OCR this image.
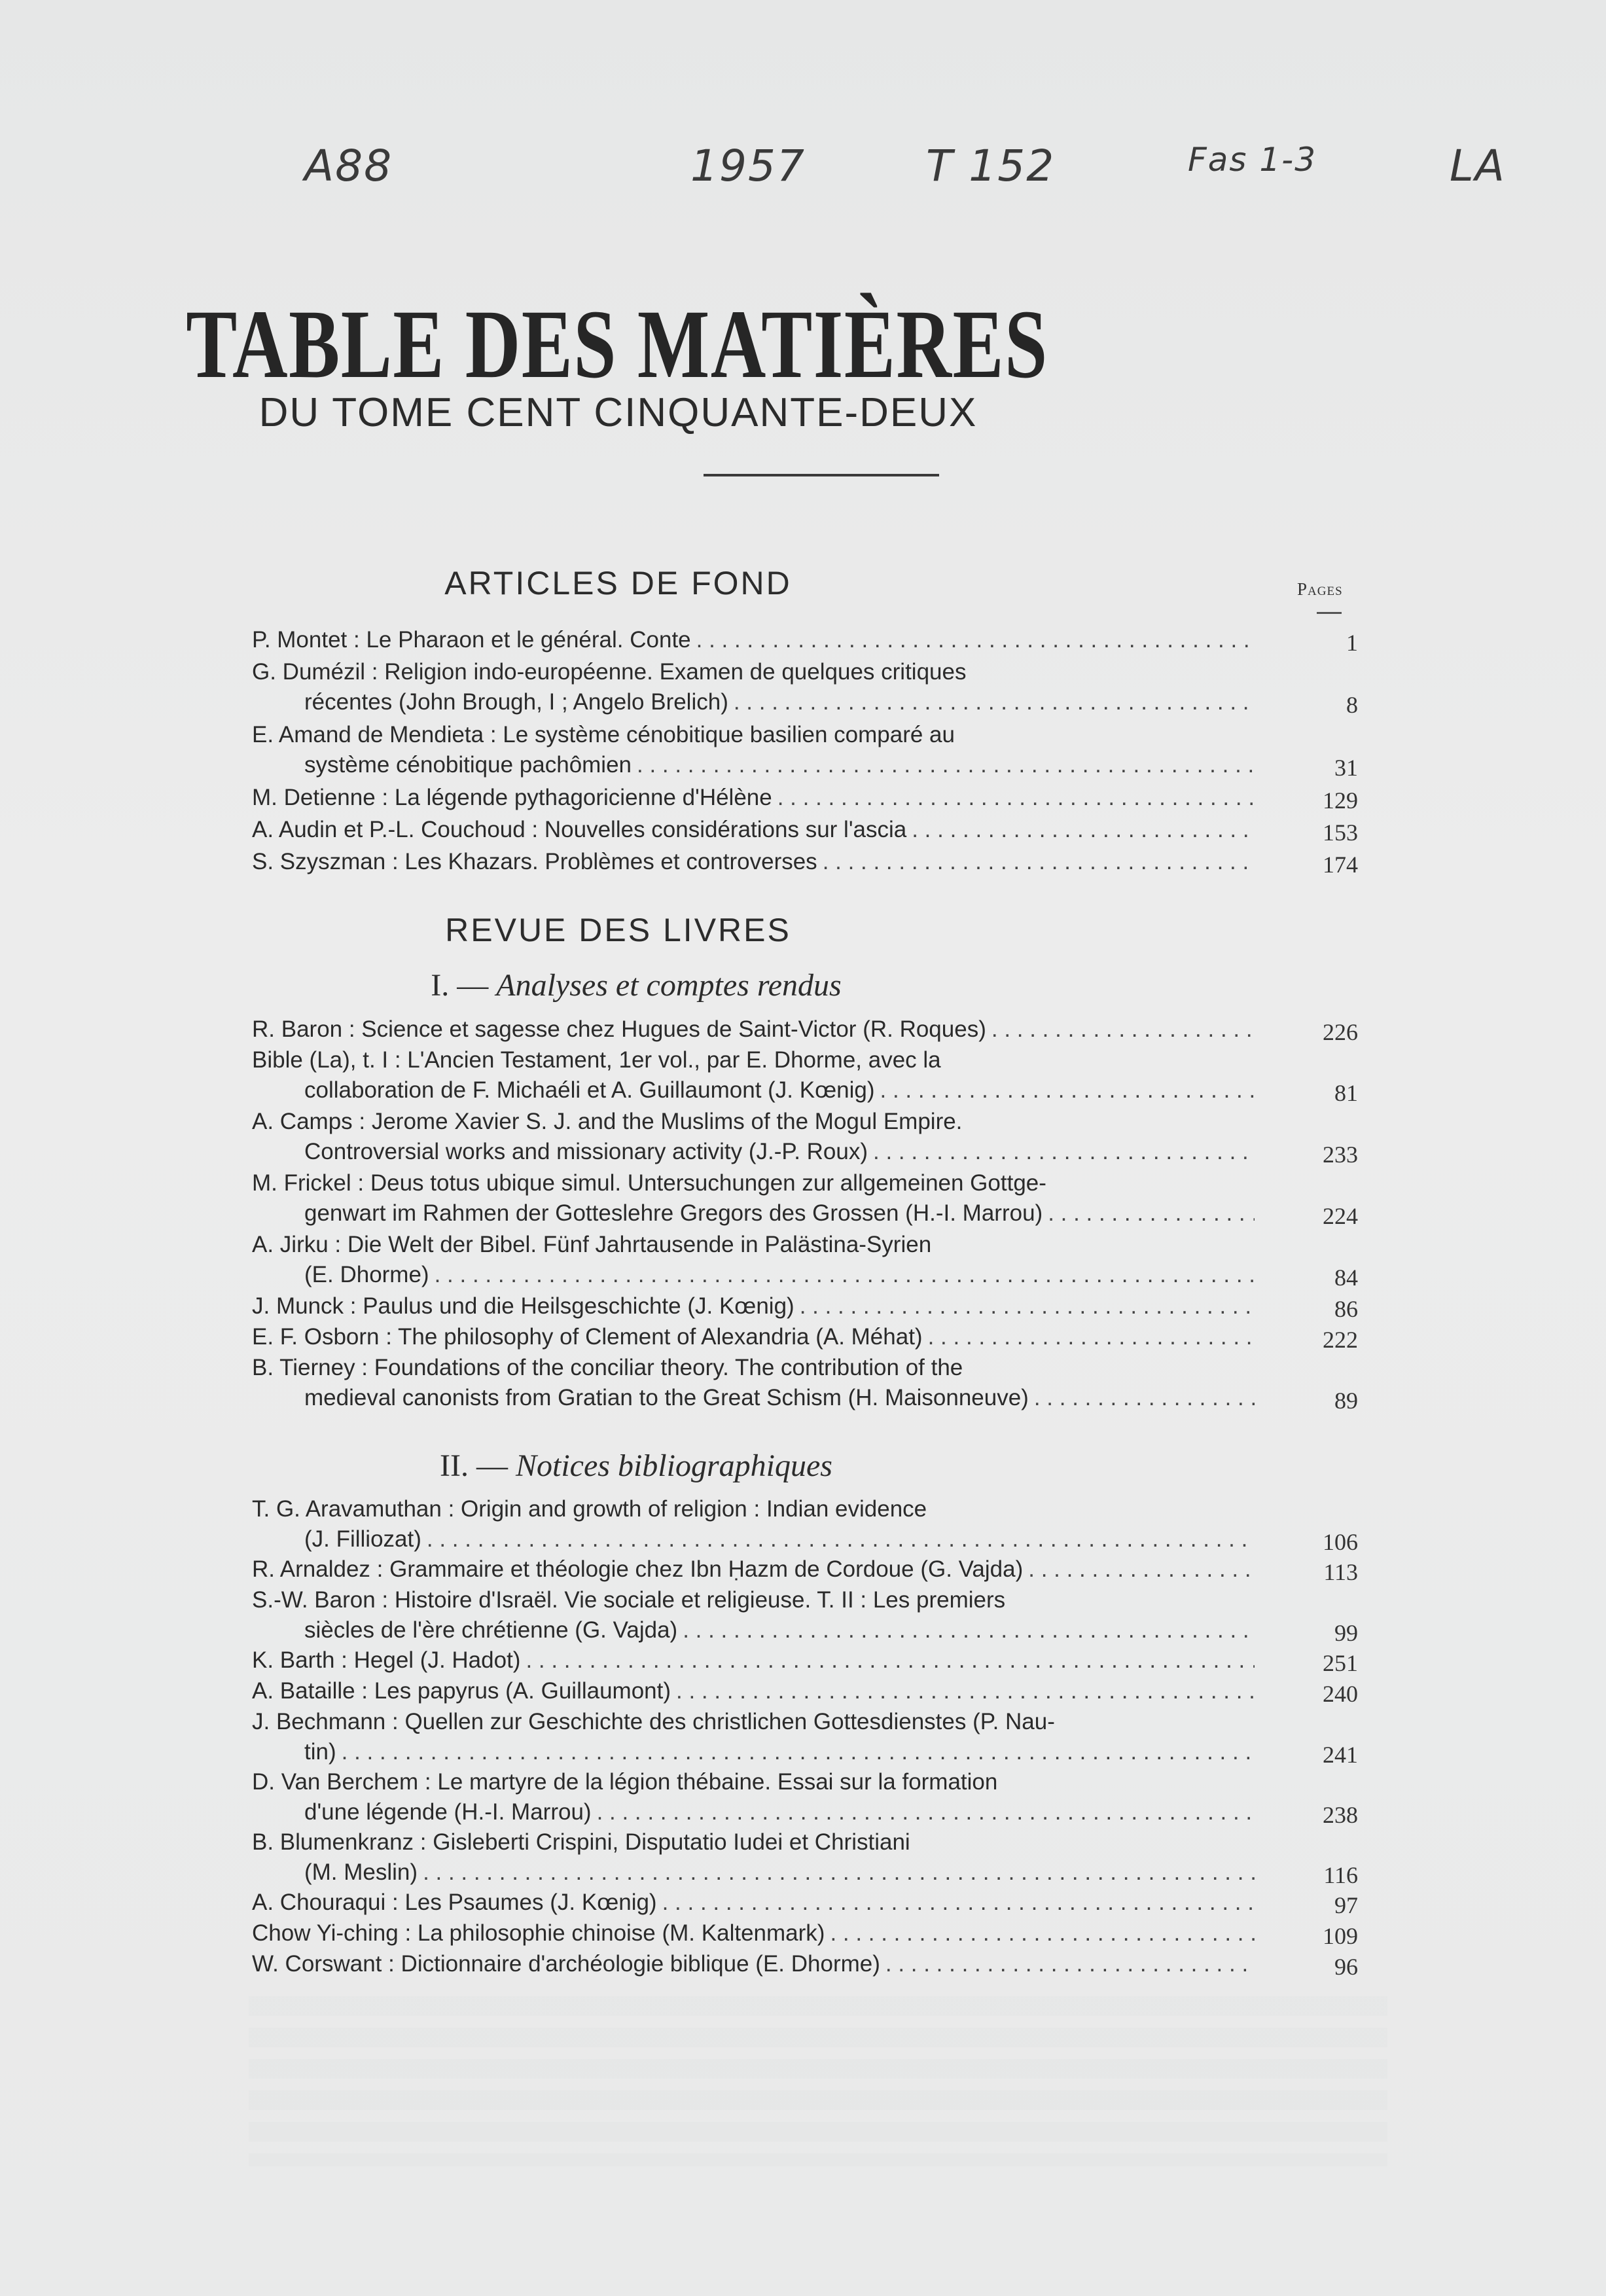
A88	1957	T 152	Fas 1-3	LA
TABLE DES MATIÈRES
DU TOME CENT CINQUANTE-DEUX
ARTICLES DE FOND	Pages
P. Montet : Le Pharaon et le général. Conte . . .	1
G. Dumézil : Religion indo-européenne. Examen de quelques critiques
récentes (John Brough, I ; Angelo Brelich) . . .	8
E. Amand de Mendieta : Le système cénobitique basilien comparé au
système cénobitique pachômien . . .	31
M. Detienne : La légende pythagoricienne d'Hélène . . .	129
A. Audin et P.-L. Couchoud : Nouvelles considérations sur l'ascia . . .	153
S. Szyszman : Les Khazars. Problèmes et controverses . . .	174
REVUE DES LIVRES
I. — Analyses et comptes rendus
R. Baron : Science et sagesse chez Hugues de Saint-Victor (R. Roques) . . .	226
Bible (La), t. I : L'Ancien Testament, 1er vol., par E. Dhorme, avec la
collaboration de F. Michaéli et A. Guillaumont (J. Kœnig) . . .	81
A. Camps : Jerome Xavier S. J. and the Muslims of the Mogul Empire.
Controversial works and missionary activity (J.-P. Roux) . . .	233
M. Frickel : Deus totus ubique simul. Untersuchungen zur allgemeinen Gottge-
genwart im Rahmen der Gotteslehre Gregors des Grossen (H.-I. Marrou) . . .	224
A. Jirku : Die Welt der Bibel. Fünf Jahrtausende in Palästina-Syrien
(E. Dhorme) . . .	84
J. Munck : Paulus und die Heilsgeschichte (J. Kœnig) . . .	86
E. F. Osborn : The philosophy of Clement of Alexandria (A. Méhat) . . .	222
B. Tierney : Foundations of the conciliar theory. The contribution of the
medieval canonists from Gratian to the Great Schism (H. Maisonneuve) . . .	89
II. — Notices bibliographiques
T. G. Aravamuthan : Origin and growth of religion : Indian evidence
(J. Filliozat) . . .	106
R. Arnaldez : Grammaire et théologie chez Ibn Ḥazm de Cordoue (G. Vajda) . . .	113
S.-W. Baron : Histoire d'Israël. Vie sociale et religieuse. T. II : Les premiers
siècles de l'ère chrétienne (G. Vajda) . . .	99
K. Barth : Hegel (J. Hadot) . . .	251
A. Bataille : Les papyrus (A. Guillaumont) . . .	240
J. Bechmann : Quellen zur Geschichte des christlichen Gottesdienstes (P. Nau-
tin) . . .	241
D. Van Berchem : Le martyre de la légion thébaine. Essai sur la formation
d'une légende (H.-I. Marrou) . . .	238
B. Blumenkranz : Gisleberti Crispini, Disputatio Iudei et Christiani
(M. Meslin) . . .	116
A. Chouraqui : Les Psaumes (J. Kœnig) . . .	97
Chow Yi-ching : La philosophie chinoise (M. Kaltenmark) . . .	109
W. Corswant : Dictionnaire d'archéologie biblique (E. Dhorme) . . .	96
